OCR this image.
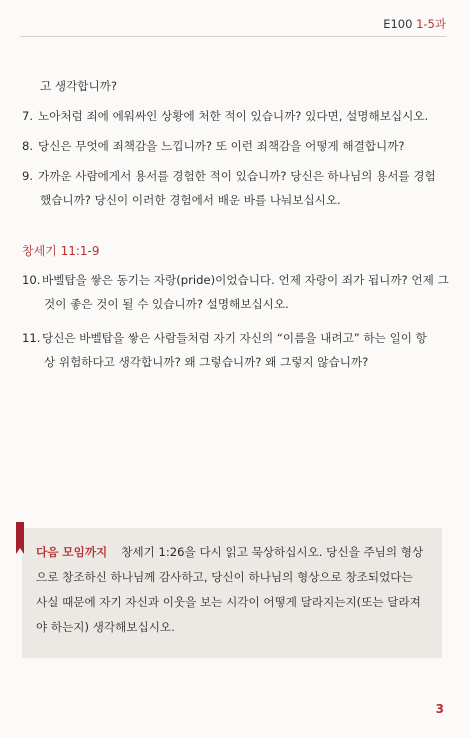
E100 1-5과
고 생각합니까?
7. 노아처럼 죄에 에워싸인 상황에 처한 적이 있습니까? 있다면, 설명해보십시오.
8. 당신은 무엇에 죄책감을 느낍니까? 또 이런 죄책감을 어떻게 해결합니까?
9. 가까운 사람에게서 용서를 경험한 적이 있습니까? 당신은 하나님의 용서를 경험
했습니까? 당신이 이러한 경험에서 배운 바를 나눠보십시오.
창세기 11:1-9
10. 바벨탑을 쌓은 동기는 자랑(pride)이었습니다. 언제 자랑이 죄가 됩니까? 언제 그
것이 좋은 것이 될 수 있습니까? 설명해보십시오.
11. 당신은 바벨탑을 쌓은 사람들처럼 자기 자신의 “이름을 내려고” 하는 일이 항
상 위험하다고 생각합니까? 왜 그렇습니까? 왜 그렇지 않습니까?
다음 모임까지 창세기 1:26을 다시 읽고 묵상하십시오. 당신을 주님의 형상
으로 창조하신 하나님께 감사하고, 당신이 하나님의 형상으로 창조되었다는
사실 때문에 자기 자신과 이웃을 보는 시각이 어떻게 달라지는지(또는 달라져
야 하는지) 생각해보십시오.
3
